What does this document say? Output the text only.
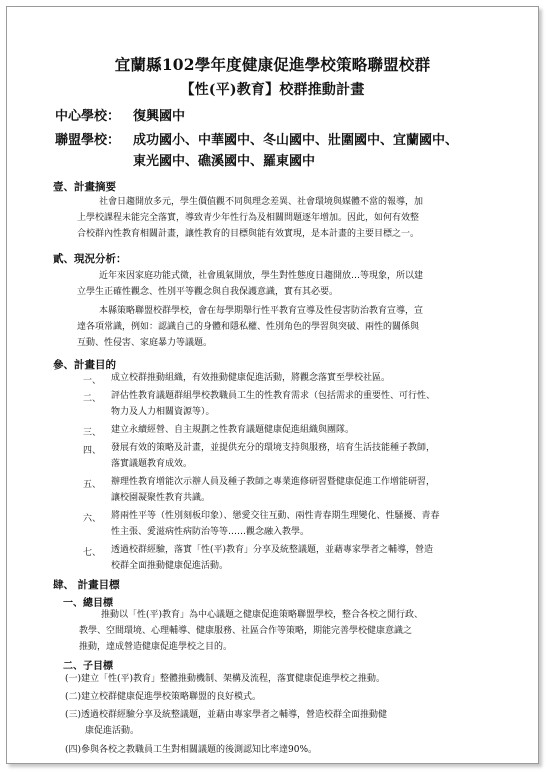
宜蘭縣102學年度健康促進學校策略聯盟校群
【性(平)教育】校群推動計畫
中心學校： 復興國中
聯盟學校： 成功國小、中華國中、冬山國中、壯圍國中、宜蘭國中、
東光國中、礁溪國中、羅東國中
壹、計畫摘要

社會日趨開放多元，學生價值觀不同與理念差異、社會環境與媒體不當的報導，加

上學校課程未能完全落實，導致青少年性行為及相關問題逐年增加。因此，如何有效整

合校群內性教育相關計畫，讓性教育的目標與能有效實現，是本計畫的主要目標之一。

貳、現況分析：

近年來因家庭功能式微，社會風氣開放，學生對性態度日趨開放…等現象，所以建

立學生正確性觀念、性別平等觀念與自我保護意識，實有其必要。

本縣策略聯盟校群學校，會在每學期舉行性平教育宣導及性侵害防治教育宣導，宣

達各項常識，例如：認識自己的身體和隱私權、性別角色的學習與突破、兩性的關係與

互動、性侵害、家庭暴力等議題。

參、計畫目的
一、	成立校群推動組織，有效推動健康促進活動，將觀念落實至學校社區。
二、	評估性教育議題群組學校教職員工生的性教育需求（包括需求的重要性、可行性、
物力及人力相關資源等）。
三、	建立永續經營、自主規劃之性教育議題健康促進組織與團隊。
四、	發展有效的策略及計畫，並提供充分的環境支持與服務，培育生活技能種子教師，
落實議題教育成效。
五、	辦理性教育增能次示辦人員及種子教師之專業進修研習暨健康促進工作增能研習，
讓校園凝聚性教育共識。
六、	將兩性平等（性別刻板印象）、戀愛交往互動、兩性青春期生理變化、性騷擾、青春
性主張、愛滋病性病防治等等……觀念融入教學。
七、	透過校群經驗，落實「性(平)教育」分享及統整議題，並藉專家學者之輔導，營造
校群全面推動健康促進活動。
肆、 計畫目標
一、總目標

推動以「性(平)教育」為中心議題之健康促進策略聯盟學校，整合各校之閒行政、

教學、空間環境、心理輔導、健康服務、社區合作等策略，期能完善學校健康意識之

推動，達成營造健康促進學校之目的。

二、子目標
(一)建立「性(平)教育」整體推動機制、架構及流程，落實健康促進學校之推動。
(二)建立校群健康促進學校策略聯盟的良好模式。
(三)透過校群經驗分享及統整議題，並藉由專家學者之輔導，營造校群全面推動健
康促進活動。
(四)參與各校之教職員工生對相關議題的後測認知比率達90%。
